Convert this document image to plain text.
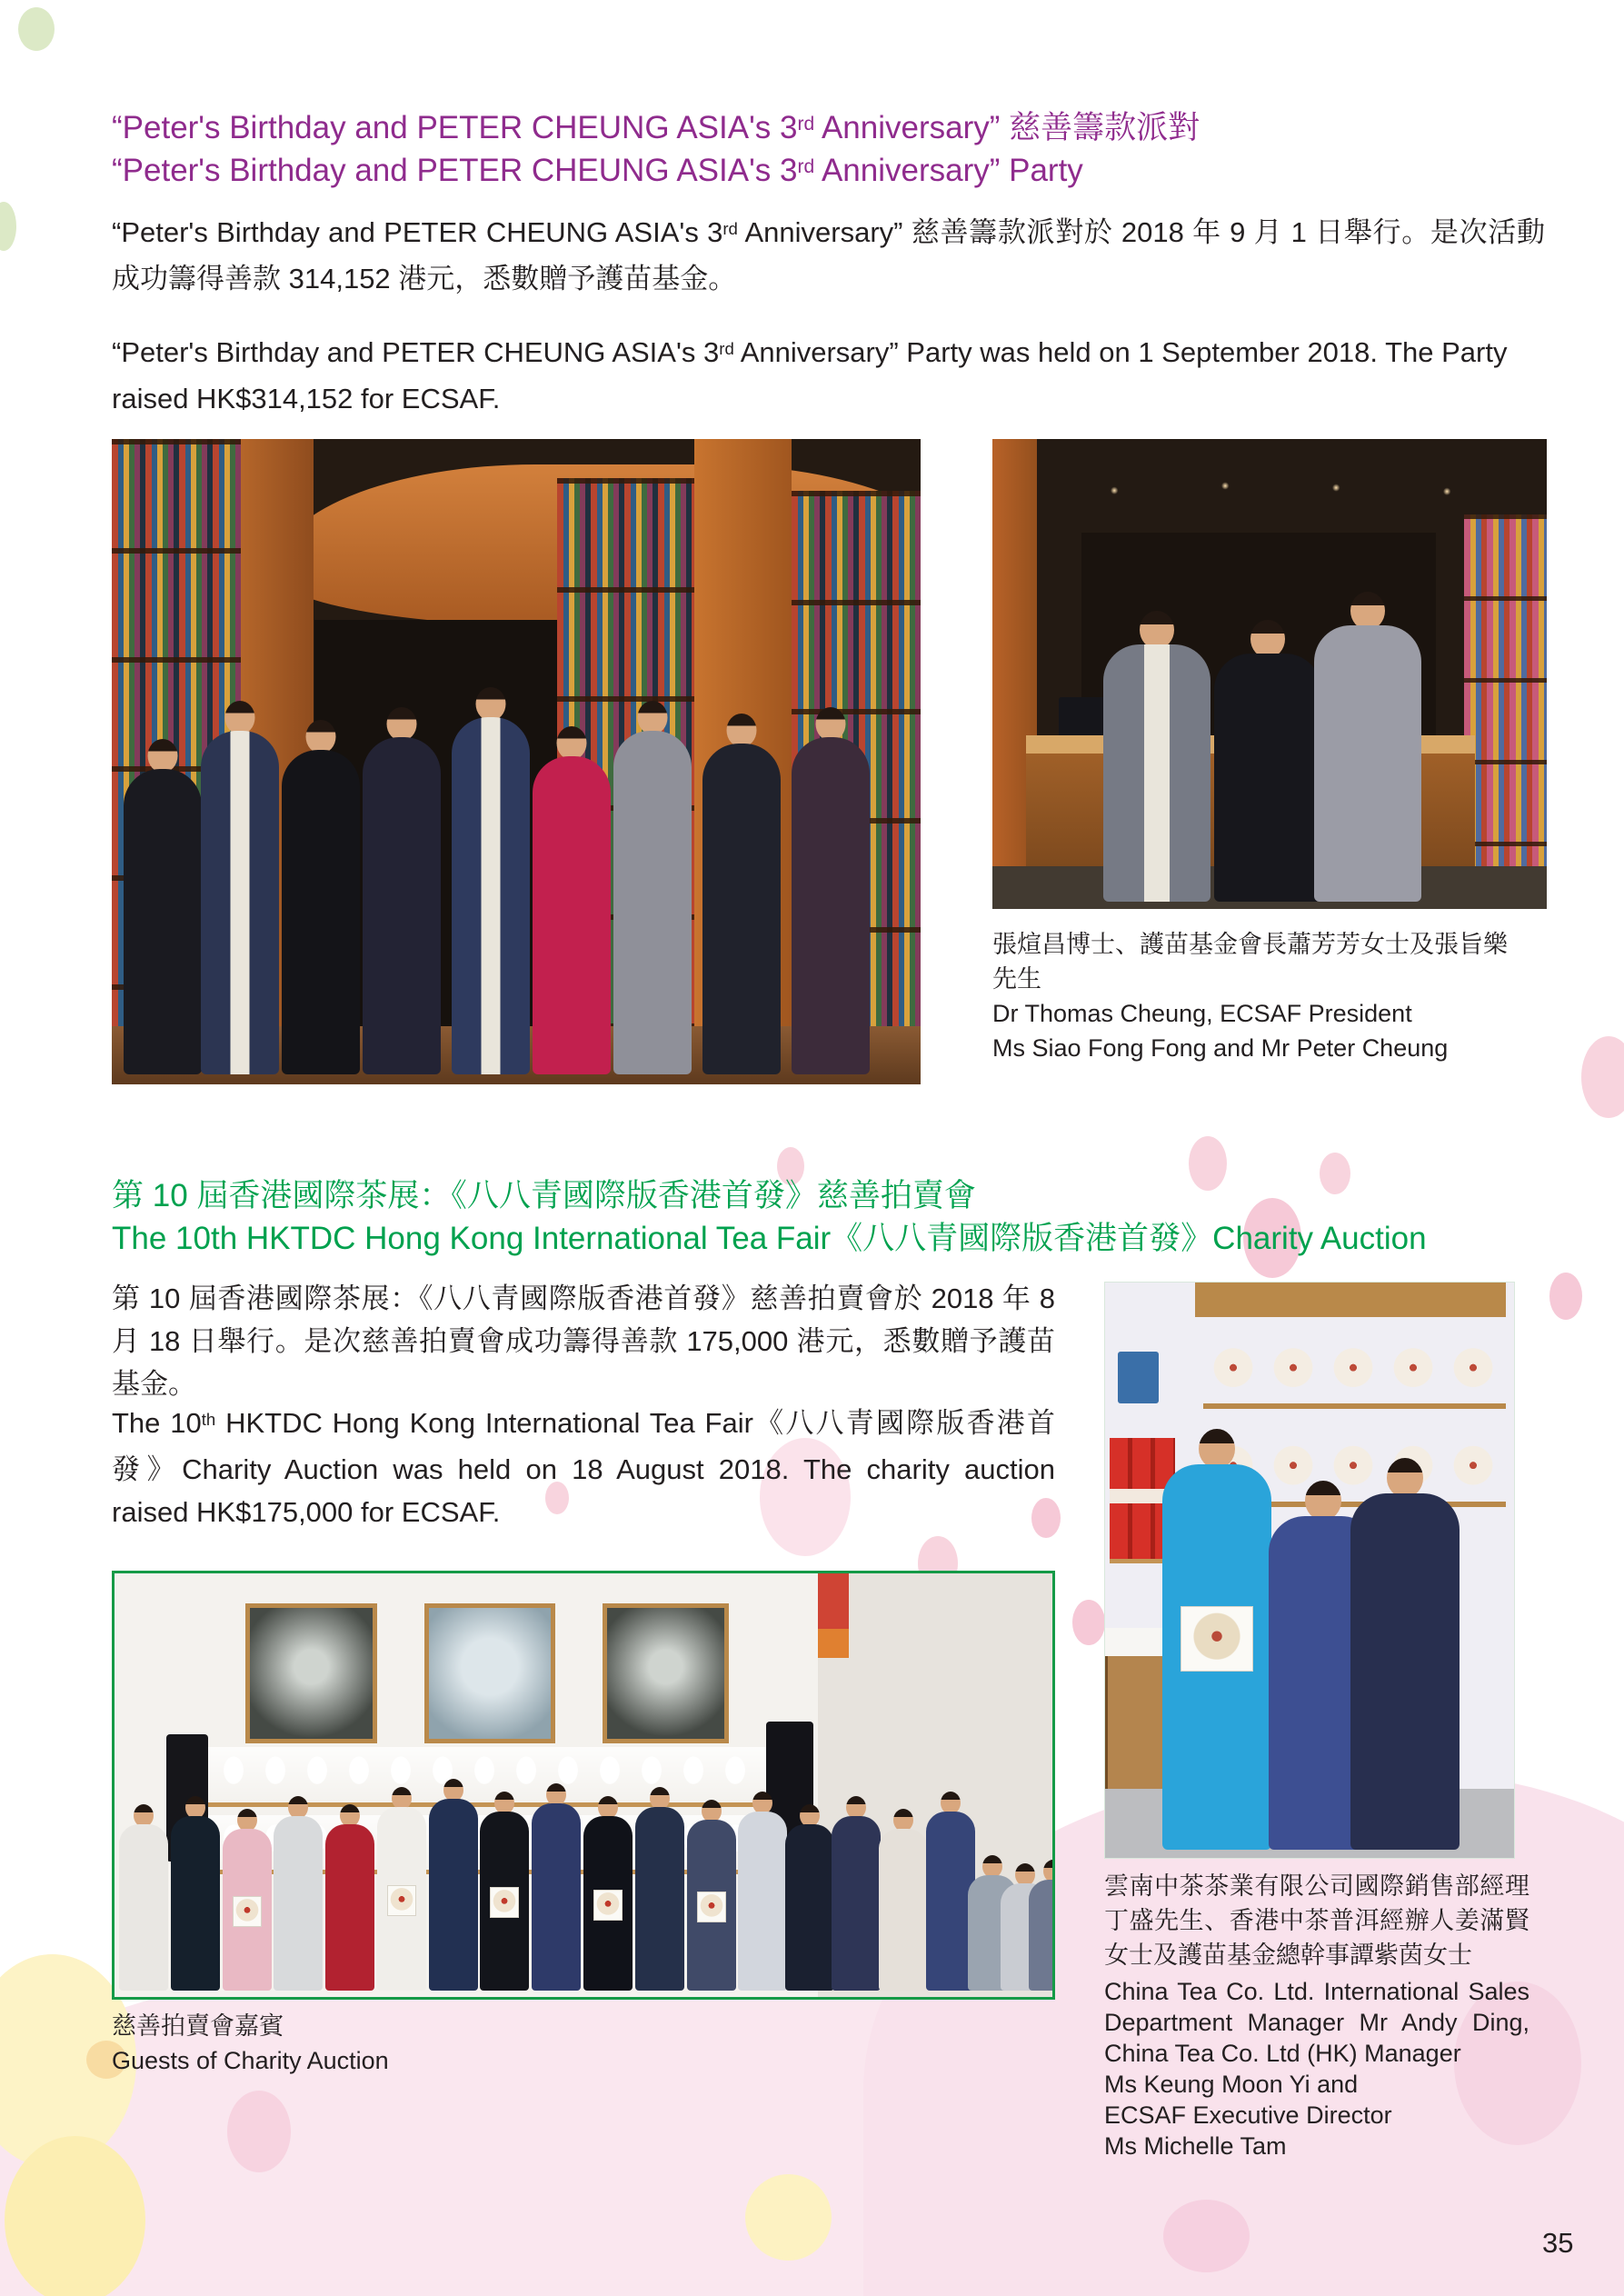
“Peter's Birthday and PETER CHEUNG ASIA's 3rd Anniversary” 慈善籌款派對
“Peter's Birthday and PETER CHEUNG ASIA's 3rd Anniversary” Party
“Peter's Birthday and PETER CHEUNG ASIA's 3rd Anniversary” 慈善籌款派對於 2018 年 9 月 1 日舉行。是次活動成功籌得善款 314,152 港元，悉數贈予護苗基金。
“Peter's Birthday and PETER CHEUNG ASIA's 3rd Anniversary” Party was held on 1 September 2018. The Party raised HK$314,152 for ECSAF.
張煊昌博士、護苗基金會長蕭芳芳女士及張旨樂先生
Dr Thomas Cheung, ECSAF President
Ms Siao Fong Fong and Mr Peter Cheung
第 10 屆香港國際茶展：《八八青國際版香港首發》慈善拍賣會
The 10th HKTDC Hong Kong International Tea Fair《八八青國際版香港首發》Charity Auction
第 10 屆香港國際茶展：《八八青國際版香港首發》慈善拍賣會於 2018 年 8 月 18 日舉行。是次慈善拍賣會成功籌得善款 175,000 港元，悉數贈予護苗基金。
The 10th HKTDC Hong Kong International Tea Fair《八八青國際版香港首發》Charity Auction was held on 18 August 2018. The charity auction raised HK$175,000 for ECSAF.
慈善拍賣會嘉賓
Guests of Charity Auction
雲南中茶茶業有限公司國際銷售部經理丁盛先生、香港中茶普洱經辦人姜滿賢女士及護苗基金總幹事譚紫茵女士
China Tea Co. Ltd. International Sales
Department Manager Mr Andy Ding,
China Tea Co. Ltd (HK) Manager
Ms Keung Moon Yi and
ECSAF Executive Director
Ms Michelle Tam
35
